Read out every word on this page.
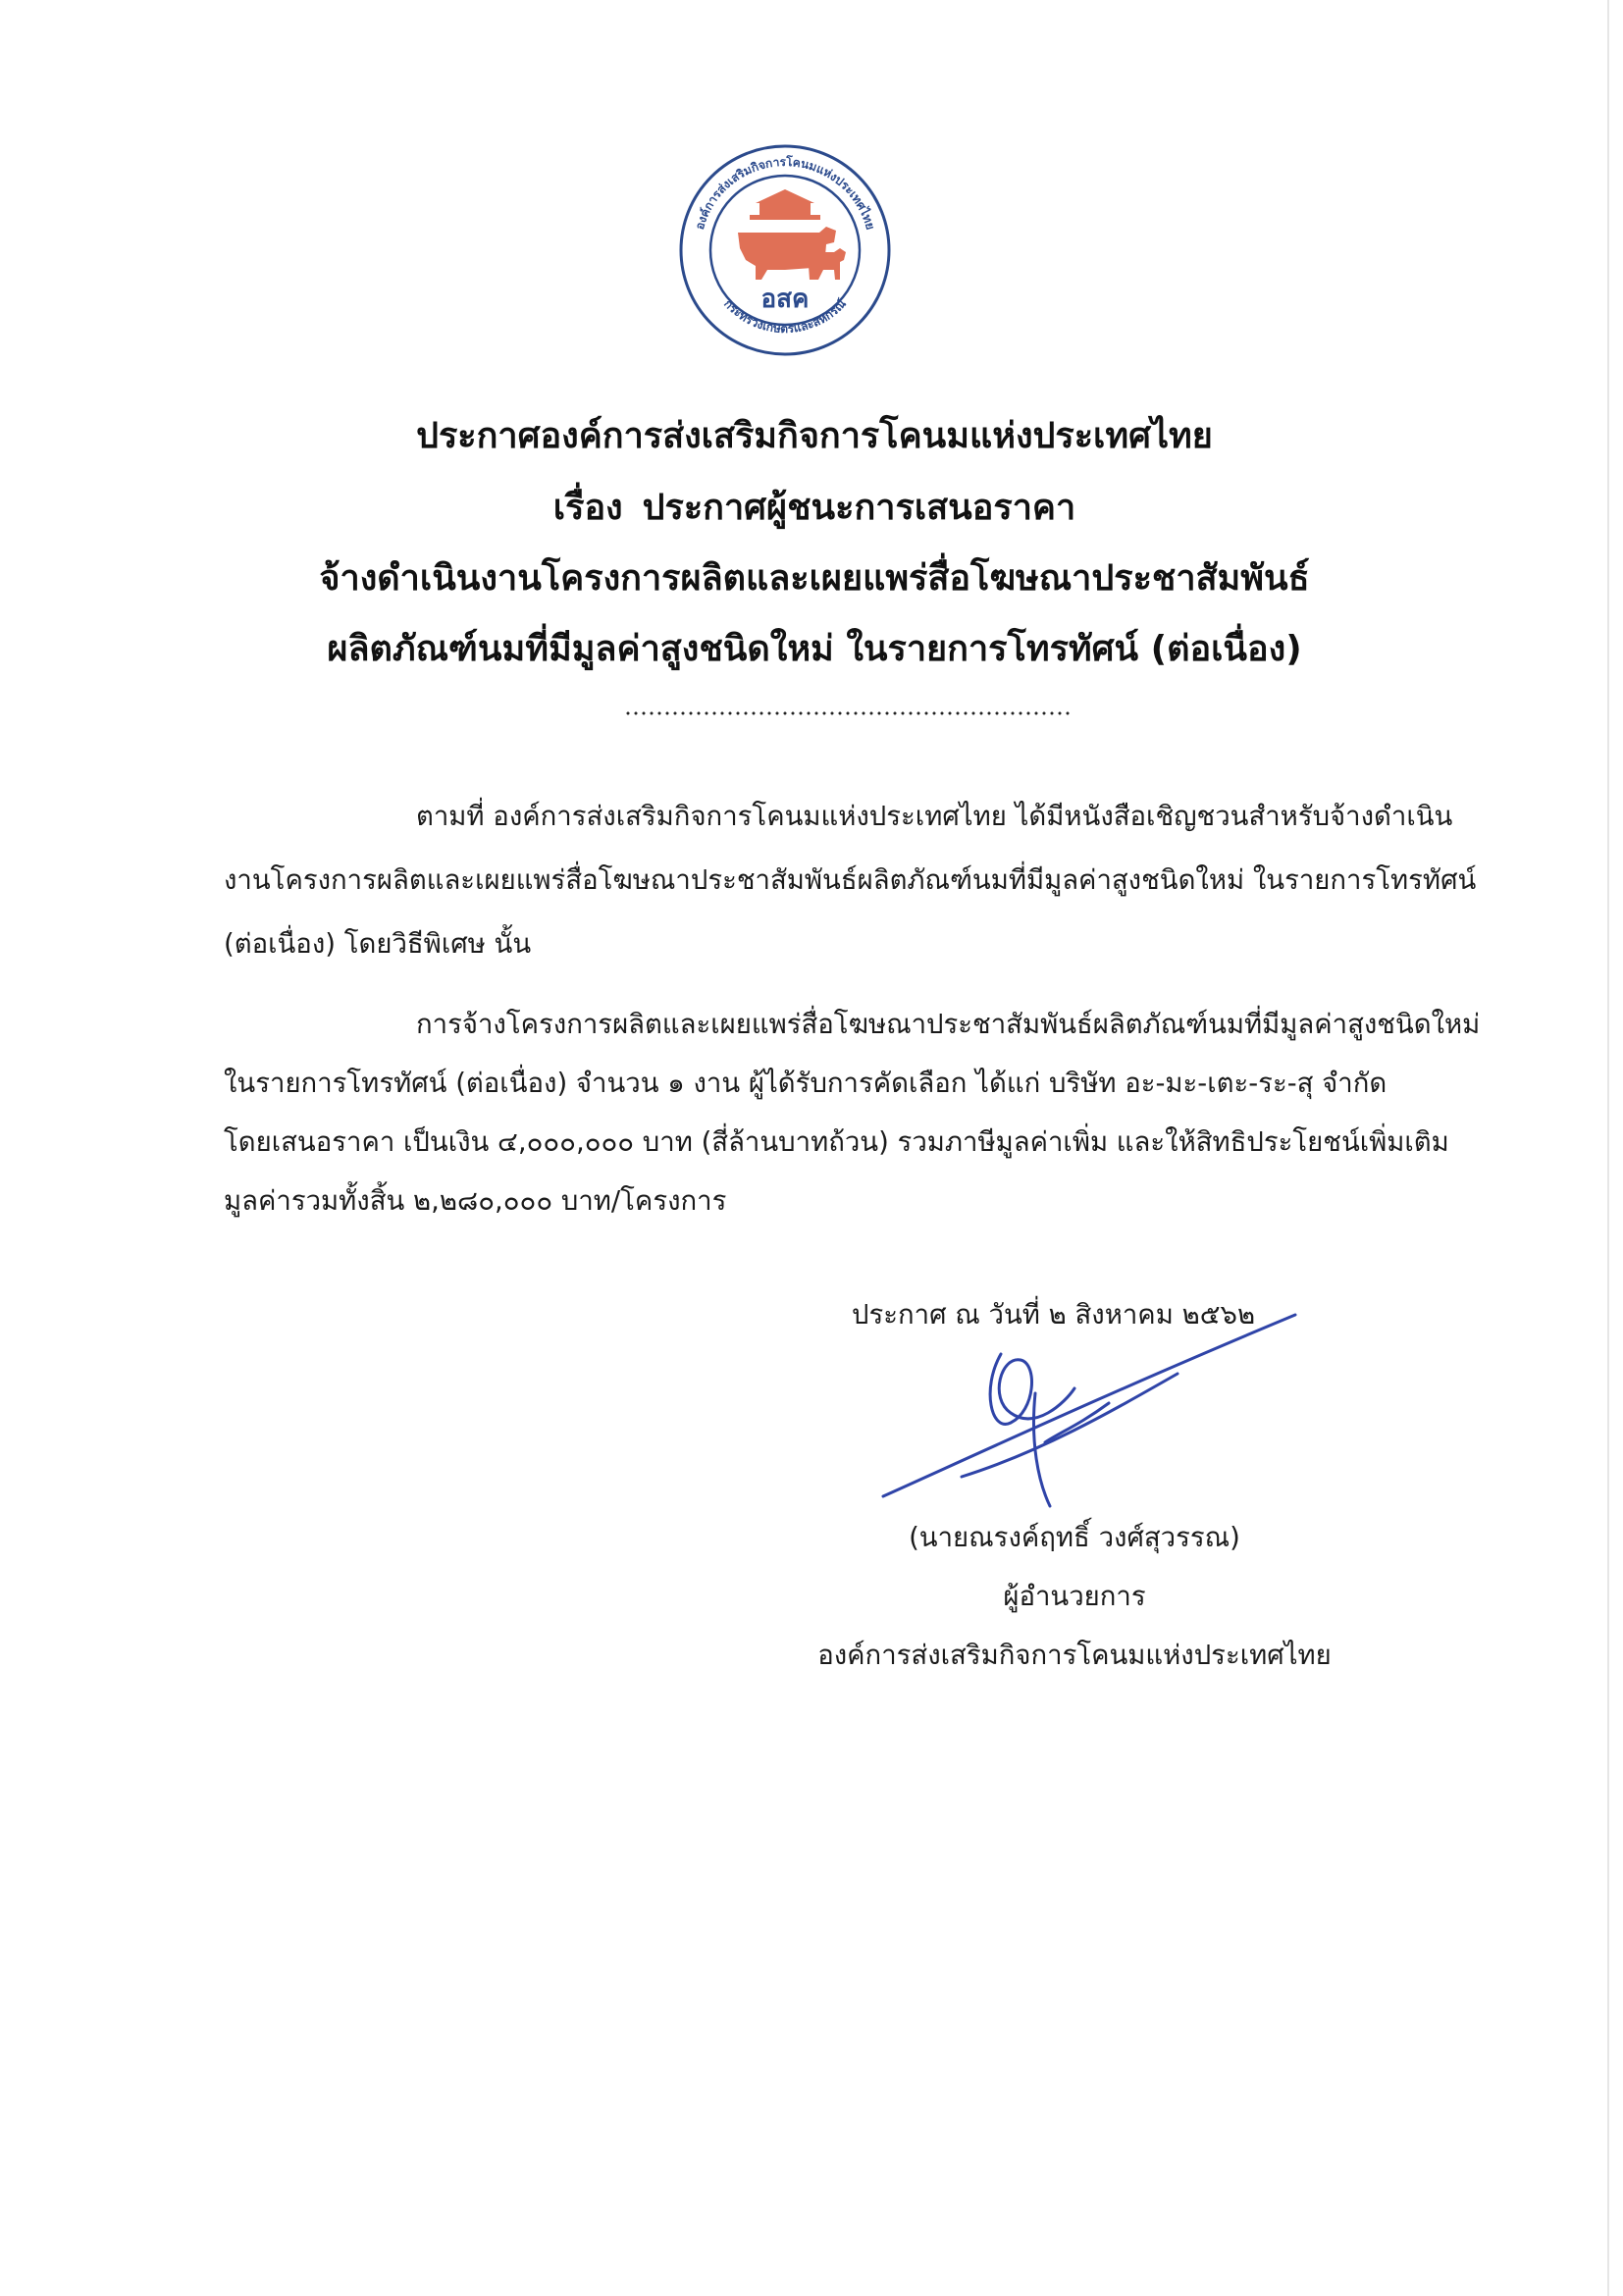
องค์การส่งเสริมกิจการโคนมแห่งประเทศไทย
กระทรวงเกษตรและสหกรณ์
อสค
ประกาศองค์การส่งเสริมกิจการโคนมแห่งประเทศไทย
เรื่อง ประกาศผู้ชนะการเสนอราคา
จ้างดำเนินงานโครงการผลิตและเผยแพร่สื่อโฆษณาประชาสัมพันธ์
ผลิตภัณฑ์นมที่มีมูลค่าสูงชนิดใหม่ ในรายการโทรทัศน์ (ต่อเนื่อง)
ตามที่ องค์การส่งเสริมกิจการโคนมแห่งประเทศไทย ได้มีหนังสือเชิญชวนสำหรับจ้างดำเนิน
งานโครงการผลิตและเผยแพร่สื่อโฆษณาประชาสัมพันธ์ผลิตภัณฑ์นมที่มีมูลค่าสูงชนิดใหม่ ในรายการโทรทัศน์
(ต่อเนื่อง) โดยวิธีพิเศษ นั้น
การจ้างโครงการผลิตและเผยแพร่สื่อโฆษณาประชาสัมพันธ์ผลิตภัณฑ์นมที่มีมูลค่าสูงชนิดใหม่
ในรายการโทรทัศน์ (ต่อเนื่อง) จำนวน ๑ งาน ผู้ได้รับการคัดเลือก ได้แก่ บริษัท อะ-มะ-เตะ-ระ-สุ จำกัด
โดยเสนอราคา เป็นเงิน ๔,๐๐๐,๐๐๐ บาท (สี่ล้านบาทถ้วน) รวมภาษีมูลค่าเพิ่ม และให้สิทธิประโยชน์เพิ่มเติม
มูลค่ารวมทั้งสิ้น ๒,๒๘๐,๐๐๐ บาท/โครงการ
ประกาศ ณ วันที่ ๒ สิงหาคม ๒๕๖๒
(นายณรงค์ฤทธิ์ วงศ์สุวรรณ)
ผู้อำนวยการ
องค์การส่งเสริมกิจการโคนมแห่งประเทศไทย
